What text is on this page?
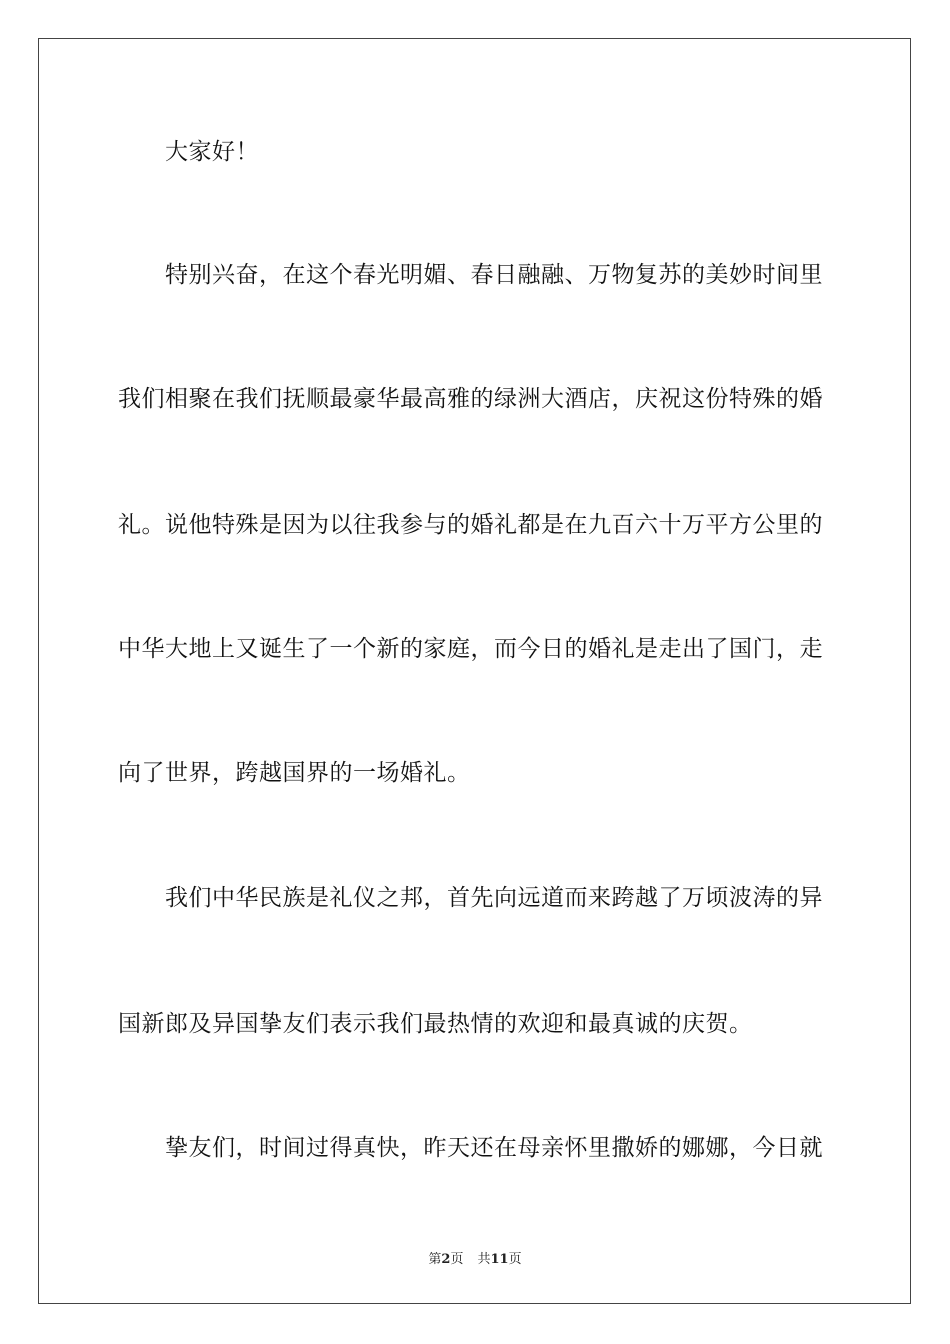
大家好！
特别兴奋，在这个春光明媚、春日融融、万物复苏的美妙时间里
我们相聚在我们抚顺最豪华最高雅的绿洲大酒店，庆祝这份特殊的婚
礼。说他特殊是因为以往我参与的婚礼都是在九百六十万平方公里的
中华大地上又诞生了一个新的家庭，而今日的婚礼是走出了国门，走
向了世界，跨越国界的一场婚礼。
我们中华民族是礼仪之邦，首先向远道而来跨越了万顷波涛的异
国新郎及异国挚友们表示我们最热情的欢迎和最真诚的庆贺。
挚友们，时间过得真快，昨天还在母亲怀里撒娇的娜娜，今日就
第2页 共11页
